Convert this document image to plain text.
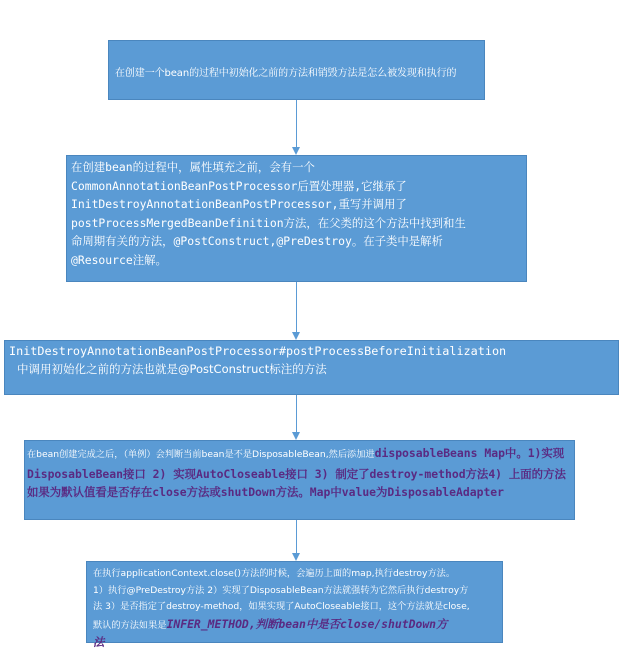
在创建一个bean的过程中初始化之前的方法和销毁方法是怎么被发现和执行的
在创建bean的过程中，属性填充之前，会有一个
CommonAnnotationBeanPostProcessor后置处理器,它继承了
InitDestroyAnnotationBeanPostProcessor,重写并调用了
postProcessMergedBeanDefinition方法，在父类的这个方法中找到和生
命周期有关的方法，@PostConstruct,@PreDestroy。在子类中是解析
@Resource注解。
InitDestroyAnnotationBeanPostProcessor#postProcessBeforeInitialization
中调用初始化之前的方法也就是@PostConstruct标注的方法
在bean创建完成之后，（单例）会判断当前bean是不是DisposableBean,然后添加进disposableBeans Map中。1)实现DisposableBean接口 2) 实现AutoCloseable接口 3) 制定了destroy-method方法4) 上面的方法如果为默认值看是否存在close方法或shutDown方法。Map中value为DisposableAdapter
在执行applicationContext.close()方法的时候，会遍历上面的map,执行destroy方法。
1）执行@PreDestroy方法 2）实现了DisposableBean方法就强转为它然后执行destroy方
法 3）是否指定了destroy-method，如果实现了AutoCloseable接口，这个方法就是close,
默认的方法如果是INFER_METHOD,判断bean中是否close/shutDown方
法
